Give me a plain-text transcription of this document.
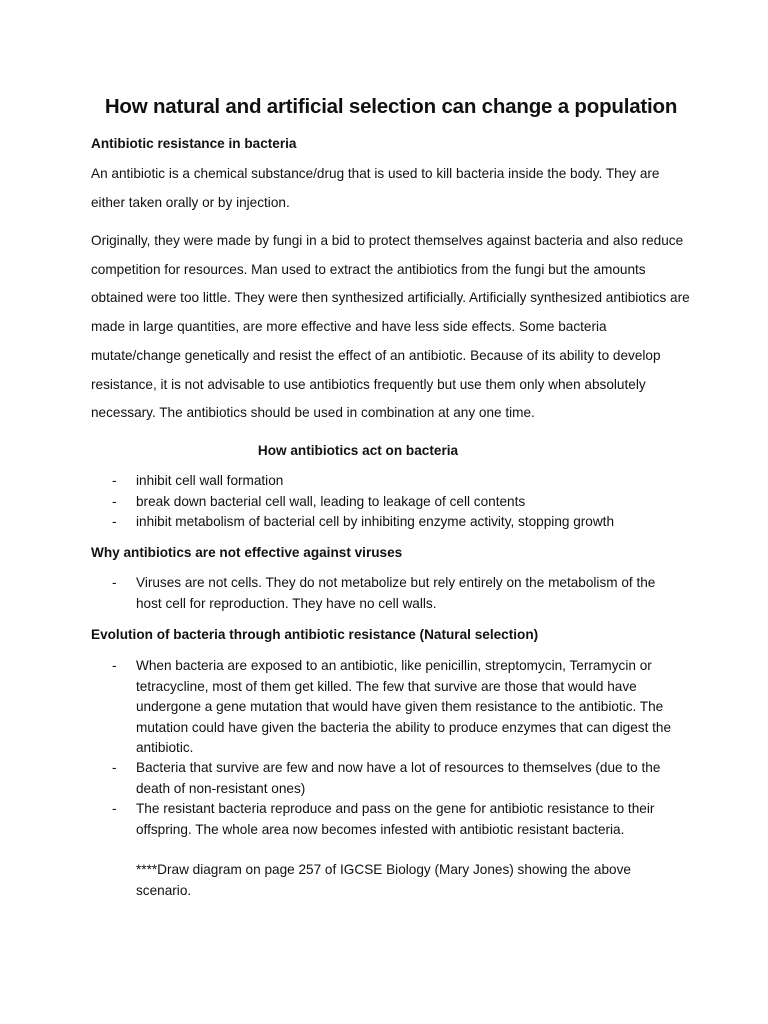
How natural and artificial selection can change a population

Antibiotic resistance in bacteria

An antibiotic is a chemical substance/drug that is used to kill bacteria inside the body. They are either taken orally or by injection.

Originally, they were made by fungi in a bid to protect themselves against bacteria and also reduce competition for resources. Man used to extract the antibiotics from the fungi but the amounts obtained were too little. They were then synthesized artificially. Artificially synthesized antibiotics are made in large quantities, are more effective and have less side effects. Some bacteria mutate/change genetically and resist the effect of an antibiotic. Because of its ability to develop resistance, it is not advisable to use antibiotics frequently but use them only when absolutely necessary. The antibiotics should be used in combination at any one time.

How antibiotics act on bacteria

- inhibit cell wall formation
- break down bacterial cell wall, leading to leakage of cell contents
- inhibit metabolism of bacterial cell by inhibiting enzyme activity, stopping growth

Why antibiotics are not effective against viruses

- Viruses are not cells. They do not metabolize but rely entirely on the metabolism of the host cell for reproduction. They have no cell walls.

Evolution of bacteria through antibiotic resistance (Natural selection)

- When bacteria are exposed to an antibiotic, like penicillin, streptomycin, Terramycin or tetracycline, most of them get killed. The few that survive are those that would have undergone a gene mutation that would have given them resistance to the antibiotic. The mutation could have given the bacteria the ability to produce enzymes that can digest the antibiotic.
- Bacteria that survive are few and now have a lot of resources to themselves (due to the death of non-resistant ones)
- The resistant bacteria reproduce and pass on the gene for antibiotic resistance to their offspring. The whole area now becomes infested with antibiotic resistant bacteria.

****Draw diagram on page 257 of IGCSE Biology (Mary Jones) showing the above scenario.
